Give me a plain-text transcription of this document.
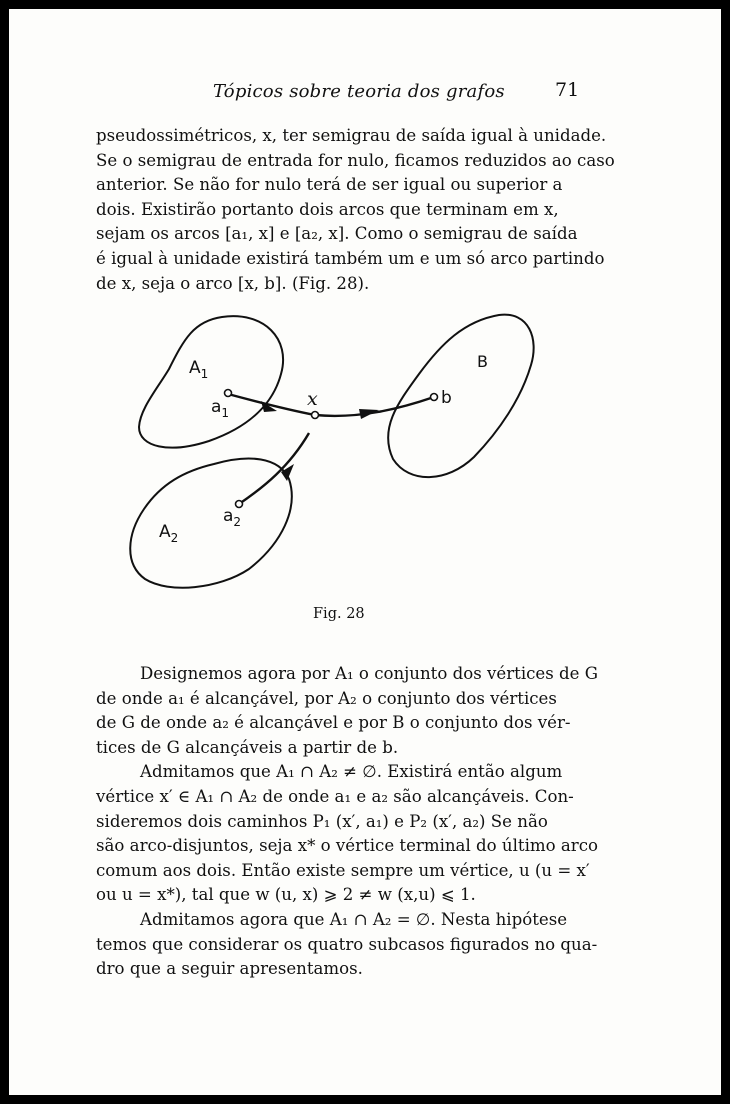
Tópicos sobre teoria dos grafos	71
pseudossimétricos, x, ter semigrau de saída igual à unidade.
Se o semigrau de entrada for nulo, ficamos reduzidos ao caso
anterior. Se não for nulo terá de ser igual ou superior a
dois. Existirão portanto dois arcos que terminam em x,
sejam os arcos [a₁, x] e [a₂, x]. Como o semigrau de saída
é igual à unidade existirá também um e um só arco partindo
de x, seja o arco [x, b]. (Fig. 28).
$A_1$
$a_1$
x	b
B
$a_2$
$A_2$
Fig. 28
Designemos agora por A₁ o conjunto dos vértices de G
de onde a₁ é alcançável, por A₂ o conjunto dos vértices
de G de onde a₂ é alcançável e por B o conjunto dos vér-
tices de G alcançáveis a partir de b.
Admitamos que A₁ ∩ A₂ ≠ ∅. Existirá então algum
vértice x′ ∈ A₁ ∩ A₂ de onde a₁ e a₂ são alcançáveis. Con-
sideremos dois caminhos P₁ (x′, a₁) e P₂ (x′, a₂) Se não
são arco-disjuntos, seja x* o vértice terminal do último arco
comum aos dois. Então existe sempre um vértice, u (u = x′
ou u = x*), tal que w (u, x) ⩾ 2 ≠ w (x,u) ⩽ 1.
Admitamos agora que A₁ ∩ A₂ = ∅. Nesta hipótese
temos que considerar os quatro subcasos figurados no qua-
dro que a seguir apresentamos.
